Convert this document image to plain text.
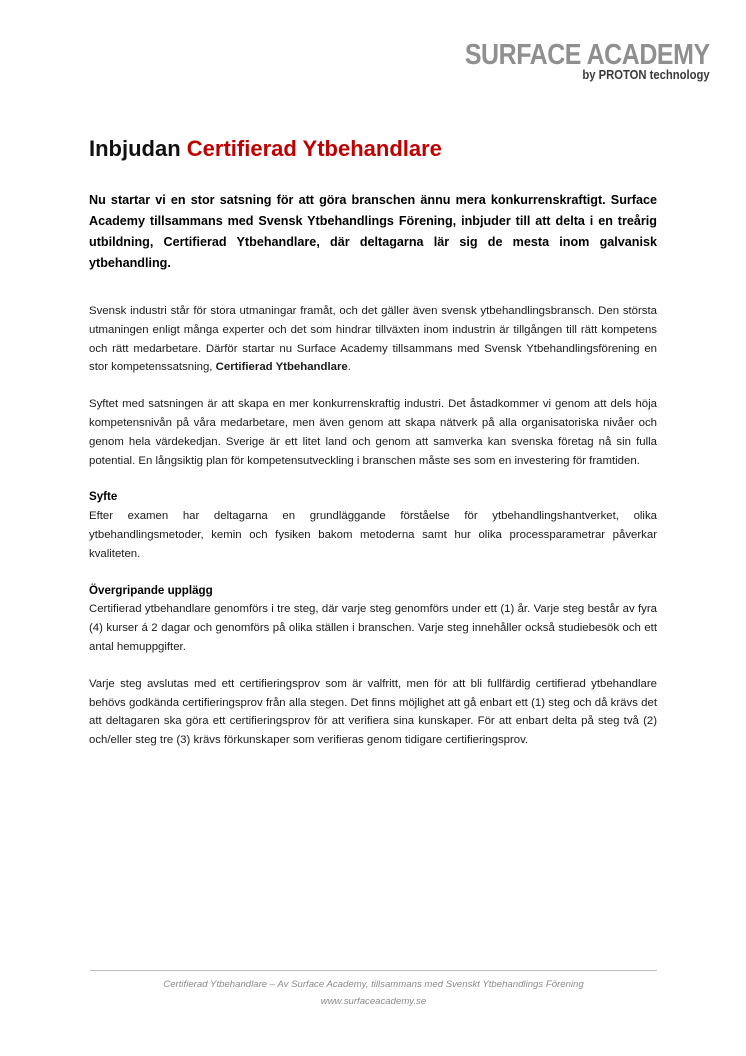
SURFACE ACADEMY
by PROTON technology
Inbjudan Certifierad Ytbehandlare

Nu startar vi en stor satsning för att göra branschen ännu mera konkurrenskraftigt. Surface Academy tillsammans med Svensk Ytbehandlings Förening, inbjuder till att delta i en treårig utbildning, Certifierad Ytbehandlare, där deltagarna lär sig de mesta inom galvanisk ytbehandling.

Svensk industri står för stora utmaningar framåt, och det gäller även svensk ytbehandlingsbransch. Den största utmaningen enligt många experter och det som hindrar tillväxten inom industrin är tillgången till rätt kompetens och rätt medarbetare. Därför startar nu Surface Academy tillsammans med Svensk Ytbehandlingsförening en stor kompetenssatsning, Certifierad Ytbehandlare.

Syftet med satsningen är att skapa en mer konkurrenskraftig industri. Det åstadkommer vi genom att dels höja kompetensnivån på våra medarbetare, men även genom att skapa nätverk på alla organisatoriska nivåer och genom hela värdekedjan. Sverige är ett litet land och genom att samverka kan svenska företag nå sin fulla potential. En långsiktig plan för kompetensutveckling i branschen måste ses som en investering för framtiden.

Syfte

Efter examen har deltagarna en grundläggande förståelse för ytbehandlingshantverket, olika ytbehandlingsmetoder, kemin och fysiken bakom metoderna samt hur olika processparametrar påverkar kvaliteten.

Övergripande upplägg

Certifierad ytbehandlare genomförs i tre steg, där varje steg genomförs under ett (1) år. Varje steg består av fyra (4) kurser á 2 dagar och genomförs på olika ställen i branschen. Varje steg innehåller också studiebesök och ett antal hemuppgifter.

Varje steg avslutas med ett certifieringsprov som är valfritt, men för att bli fullfärdig certifierad ytbehandlare behövs godkända certifieringsprov från alla stegen. Det finns möjlighet att gå enbart ett (1) steg och då krävs det att deltagaren ska göra ett certifieringsprov för att verifiera sina kunskaper. För att enbart delta på steg två (2) och/eller steg tre (3) krävs förkunskaper som verifieras genom tidigare certifieringsprov.

Certifierad Ytbehandlare – Av Surface Academy, tillsammans med Svenskt Ytbehandlings Förening
www.surfaceacademy.se
